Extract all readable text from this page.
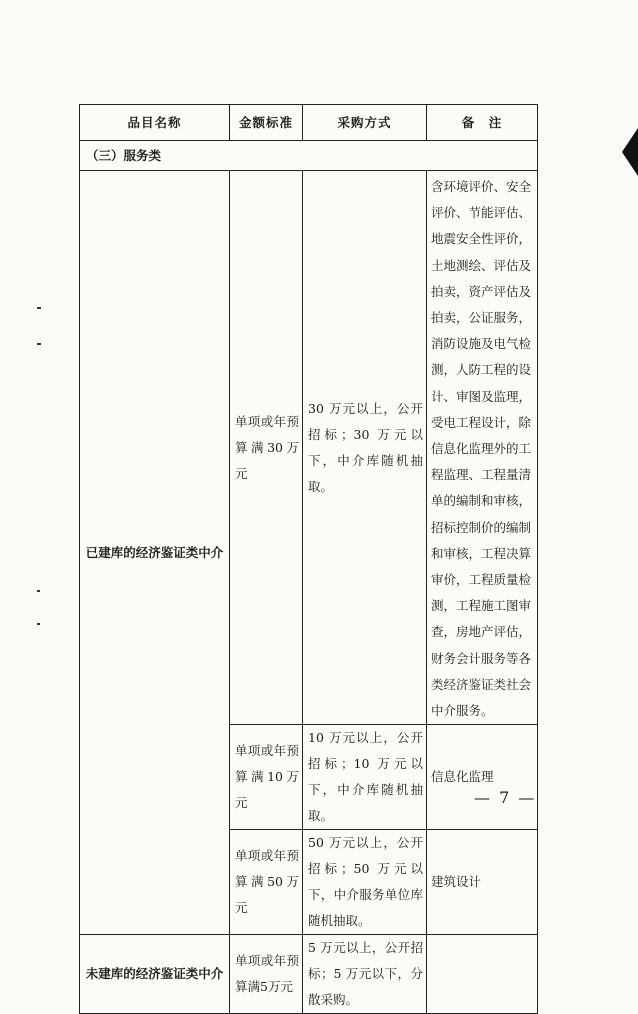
品目名称	金额标准	采购方式	备　注
（三）服务类			
已建库的经济鉴证类中介	单项或年预算满30万元	30 万元以上，公开招标；30 万元以下，中介库随机抽取。	含环境评价、安全评价、节能评估、地震安全性评价，土地测绘、评估及拍卖，资产评估及拍卖，公证服务，消防设施及电气检测，人防工程的设计、审图及监理，受电工程设计，除信息化监理外的工程监理、工程量清单的编制和审核，招标控制价的编制和审核，工程决算审价，工程质量检测，工程施工图审查，房地产评估，财务会计服务等各类经济鉴证类社会中介服务。
	单项或年预算满10万元	10 万元以上，公开招标；10 万元以下，中介库随机抽取。	信息化监理
	单项或年预算满50万元	50 万元以上，公开招标；50 万元以下，中介服务单位库随机抽取。	建筑设计
未建库的经济鉴证类中介	单项或年预算满5万元	5 万元以上，公开招标；5 万元以下，分散采购。	
— 7 —
